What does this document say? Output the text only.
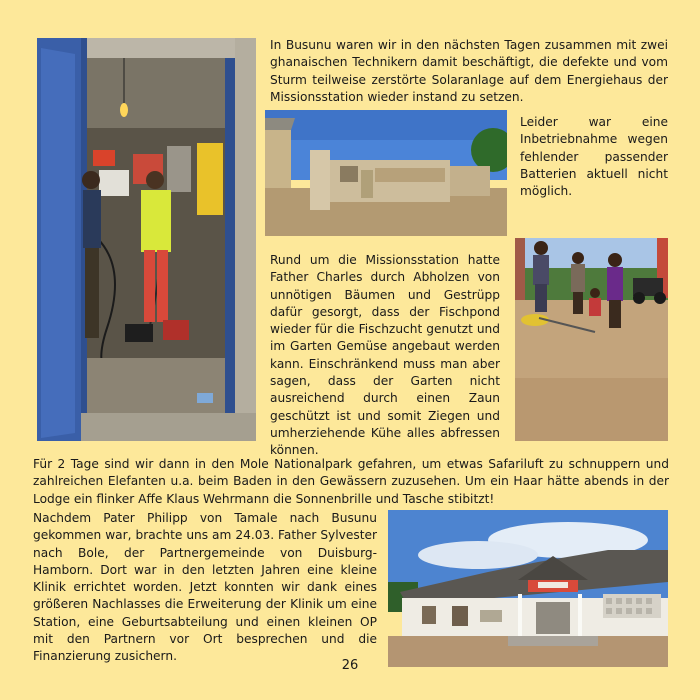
In Busunu waren wir in den nächsten Tagen zusammen mit zwei ghanaischen Technikern damit beschäftigt, die defekte und vom Sturm teilweise zerstörte Solaranlage auf dem Energiehaus der Missionsstation wieder instand zu setzen.
Leider war eine Inbetriebnahme wegen fehlender passender Batterien aktuell nicht möglich.
Rund um die Missionsstation hatte Father Charles durch Abholzen von unnötigen Bäumen und Gestrüpp dafür gesorgt, dass der Fischpond wieder für die Fischzucht genutzt und im Garten Gemüse angebaut werden kann. Einschränkend muss man aber sagen, dass der Garten nicht ausreichend durch einen Zaun geschützt ist und somit Ziegen und umherziehende Kühe alles abfressen können.
Für 2 Tage sind wir dann in den Mole Nationalpark gefahren, um etwas Safariluft zu schnuppern und zahlreichen Elefanten u.a. beim Baden in den Gewässern zuzusehen. Um ein Haar hätte abends in der Lodge ein flinker Affe Klaus Wehrmann die Sonnenbrille und Tasche stibitzt!
Nachdem Pater Philipp von Tamale nach Busunu gekommen war, brachte uns am 24.03. Father Sylvester nach Bole, der Partnergemeinde von Duisburg-Hamborn. Dort war in den letzten Jahren eine kleine Klinik errichtet worden. Jetzt konnten wir dank eines größeren Nachlasses die Erweiterung der Klinik um eine Station, eine Geburtsabteilung und einen kleinen OP mit den Partnern vor Ort besprechen und die Finanzierung zusichern.
26
